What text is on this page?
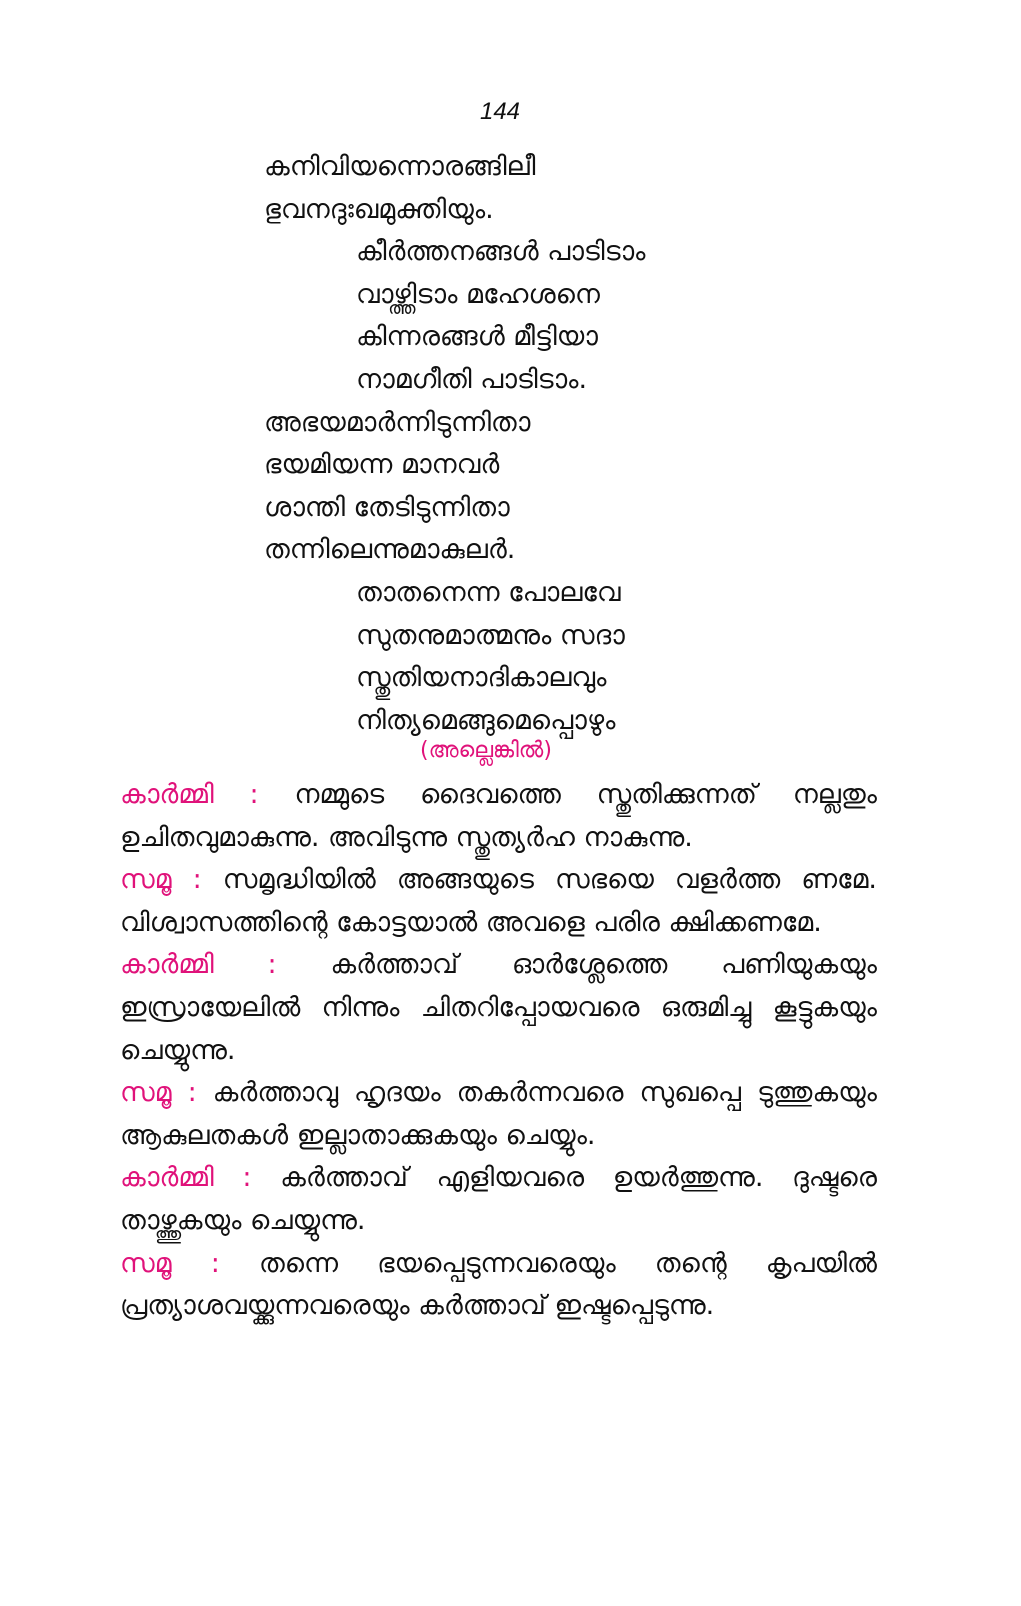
144
കനിവിയന്നൊരങ്ങിലീ
ഭുവനദുഃഖമുക്തിയും.
കീർത്തനങ്ങൾ പാടിടാം
വാഴ്ത്തിടാം മഹേശനെ
കിന്നരങ്ങൾ മീട്ടിയാ
നാമഗീതി പാടിടാം.
അഭയമാർന്നിടുന്നിതാ
ഭയമിയന്ന മാനവർ
ശാന്തി തേടിടുന്നിതാ
തന്നിലെന്നുമാകുലർ.
താതനെന്ന പോലവേ
സുതനുമാത്മനും സദാ
സ്തുതിയനാദികാലവും
നിത്യമെങ്ങുമെപ്പൊഴും
(അല്ലെങ്കിൽ)

കാർമ്മി : നമ്മുടെ ദൈവത്തെ സ്തുതിക്കുന്നത് നല്ലതും ഉചിതവുമാകുന്നു. അവിടുന്നു സ്തുത്യർഹ നാകുന്നു.

സമൂ : സമൃദ്ധിയിൽ അങ്ങയുടെ സഭയെ വളർത്ത ണമേ. വിശ്വാസത്തിന്റെ കോട്ടയാൽ അവളെ പരിര ക്ഷിക്കണമേ.

കാർമ്മി : കർത്താവ് ഓർശ്ലേത്തെ പണിയുകയും ഇസ്രായേലിൽ നിന്നും ചിതറിപ്പോയവരെ ഒരുമിച്ചു കൂട്ടുകയും ചെയ്യുന്നു.

സമൂ : കർത്താവു ഹൃദയം തകർന്നവരെ സുഖപ്പെ ടുത്തുകയും ആകുലതകൾ ഇല്ലാതാക്കുകയും ചെയ്യും.

കാർമ്മി : കർത്താവ് എളിയവരെ ഉയർത്തുന്നു. ദുഷ്ടരെ താഴ്ത്തുകയും ചെയ്യുന്നു.

സമൂ : തന്നെ ഭയപ്പെടുന്നവരെയും തന്റെ കൃപയിൽ പ്രത്യാശവയ്ക്കുന്നവരെയും കർത്താവ് ഇഷ്ടപ്പെടുന്നു.
